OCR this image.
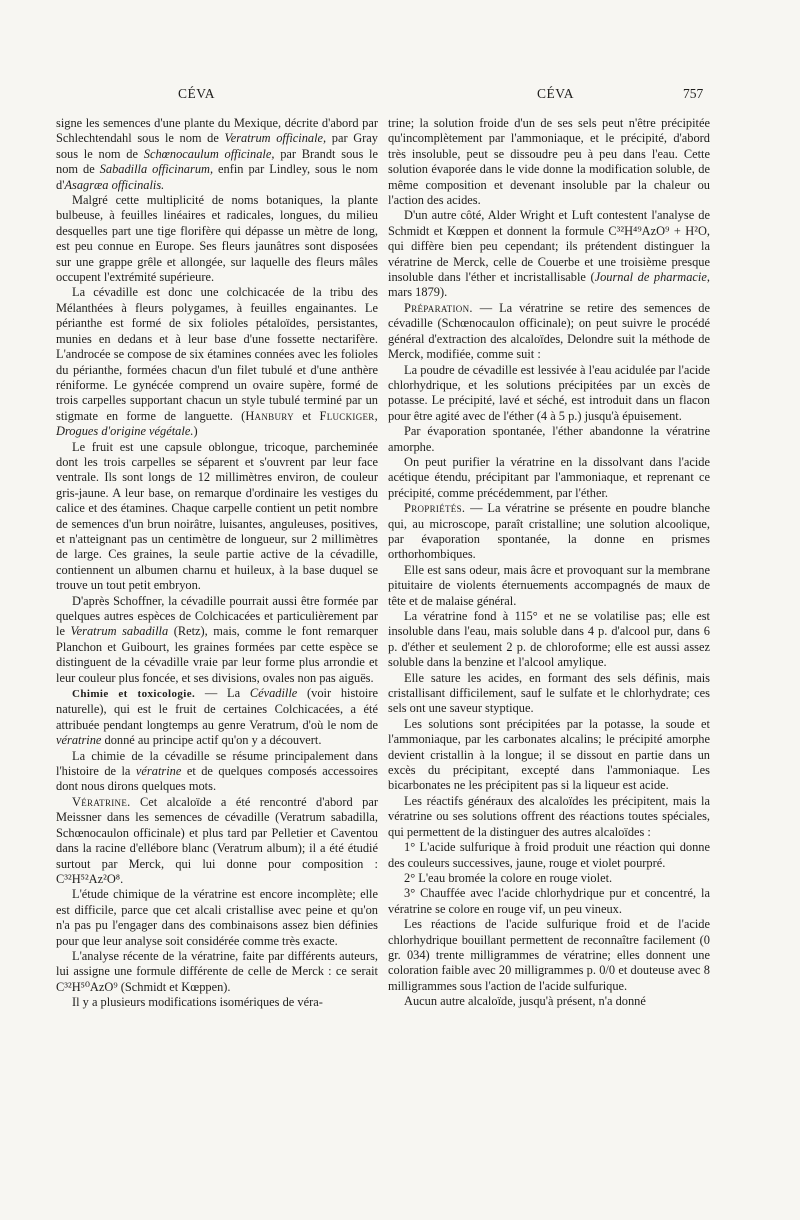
CÉVA	CÉVA	757

signe les semences d'une plante du Mexique, décrite d'abord par Schlechtendahl sous le nom de Veratrum officinale, par Gray sous le nom de Schœnocaulum officinale, par Brandt sous le nom de Sabadilla officinarum, enfin par Lindley, sous le nom d'Asagræa officinalis.

Malgré cette multiplicité de noms botaniques, la plante bulbeuse, à feuilles linéaires et radicales, longues, du milieu desquelles part une tige florifère qui dépasse un mètre de long, est peu connue en Europe. Ses fleurs jaunâtres sont disposées sur une grappe grêle et allongée, sur laquelle des fleurs mâles occupent l'extrémité supérieure.

La cévadille est donc une colchicacée de la tribu des Mélanthées à fleurs polygames, à feuilles engainantes. Le périanthe est formé de six folioles pétaloïdes, persistantes, munies en dedans et à leur base d'une fossette nectarifère. L'androcée se compose de six étamines connées avec les folioles du périanthe, formées chacun d'un filet tubulé et d'une anthère réniforme. Le gynécée comprend un ovaire supère, formé de trois carpelles supportant chacun un style tubulé terminé par un stigmate en forme de languette. (Hanbury et Fluckiger, Drogues d'origine végétale.)

Le fruit est une capsule oblongue, tricoque, parcheminée dont les trois carpelles se séparent et s'ouvrent par leur face ventrale. Ils sont longs de 12 millimètres environ, de couleur gris-jaune. A leur base, on remarque d'ordinaire les vestiges du calice et des étamines. Chaque carpelle contient un petit nombre de semences d'un brun noirâtre, luisantes, anguleuses, positives, et n'atteignant pas un centimètre de longueur, sur 2 millimètres de large. Ces graines, la seule partie active de la cévadille, contiennent un albumen charnu et huileux, à la base duquel se trouve un tout petit embryon.

D'après Schoffner, la cévadille pourrait aussi être formée par quelques autres espèces de Colchicacées et particulièrement par le Veratrum sabadilla (Retz), mais, comme le font remarquer Planchon et Guibourt, les graines formées par cette espèce se distinguent de la cévadille vraie par leur forme plus arrondie et leur couleur plus foncée, et ses divisions, ovales non pas aiguës.

Chimie et toxicologie. — La Cévadille (voir histoire naturelle), qui est le fruit de certaines Colchicacées, a été attribuée pendant longtemps au genre Veratrum, d'où le nom de vératrine donné au principe actif qu'on y a découvert.

La chimie de la cévadille se résume principalement dans l'histoire de la vératrine et de quelques composés accessoires dont nous dirons quelques mots.

Vératrine. Cet alcaloïde a été rencontré d'abord par Meissner dans les semences de cévadille (Veratrum sabadilla, Schœnocaulon officinale) et plus tard par Pelletier et Caventou dans la racine d'ellébore blanc (Veratrum album); il a été étudié surtout par Merck, qui lui donne pour composition : C³²H⁵²Az²O⁸.

L'étude chimique de la vératrine est encore incomplète; elle est difficile, parce que cet alcali cristallise avec peine et qu'on n'a pas pu l'engager dans des combinaisons assez bien définies pour que leur analyse soit considérée comme très exacte.

L'analyse récente de la vératrine, faite par différents auteurs, lui assigne une formule différente de celle de Merck : ce serait C³²H⁵⁰AzO⁹ (Schmidt et Kœppen).

Il y a plusieurs modifications isomériques de véra-

trine; la solution froide d'un de ses sels peut n'être précipitée qu'incomplètement par l'ammoniaque, et le précipité, d'abord très insoluble, peut se dissoudre peu à peu dans l'eau. Cette solution évaporée dans le vide donne la modification soluble, de même composition et devenant insoluble par la chaleur ou l'action des acides.

D'un autre côté, Alder Wright et Luft contestent l'analyse de Schmidt et Kœppen et donnent la formule C³²H⁴⁹AzO⁹ + H²O, qui diffère bien peu cependant; ils prétendent distinguer la vératrine de Merck, celle de Couerbe et une troisième presque insoluble dans l'éther et incristallisable (Journal de pharmacie, mars 1879).

Préparation. — La vératrine se retire des semences de cévadille (Schœnocaulon officinale); on peut suivre le procédé général d'extraction des alcaloïdes, Delondre suit la méthode de Merck, modifiée, comme suit :

La poudre de cévadille est lessivée à l'eau acidulée par l'acide chlorhydrique, et les solutions précipitées par un excès de potasse. Le précipité, lavé et séché, est introduit dans un flacon pour être agité avec de l'éther (4 à 5 p.) jusqu'à épuisement.

Par évaporation spontanée, l'éther abandonne la vératrine amorphe.

On peut purifier la vératrine en la dissolvant dans l'acide acétique étendu, précipitant par l'ammoniaque, et reprenant ce précipité, comme précédemment, par l'éther.

Propriétés. — La vératrine se présente en poudre blanche qui, au microscope, paraît cristalline; une solution alcoolique, par évaporation spontanée, la donne en prismes orthorhombiques.

Elle est sans odeur, mais âcre et provoquant sur la membrane pituitaire de violents éternuements accompagnés de maux de tête et de malaise général.

La vératrine fond à 115° et ne se volatilise pas; elle est insoluble dans l'eau, mais soluble dans 4 p. d'alcool pur, dans 6 p. d'éther et seulement 2 p. de chloroforme; elle est aussi assez soluble dans la benzine et l'alcool amylique.

Elle sature les acides, en formant des sels définis, mais cristallisant difficilement, sauf le sulfate et le chlorhydrate; ces sels ont une saveur styptique.

Les solutions sont précipitées par la potasse, la soude et l'ammoniaque, par les carbonates alcalins; le précipité amorphe devient cristallin à la longue; il se dissout en partie dans un excès du précipitant, excepté dans l'ammoniaque. Les bicarbonates ne les précipitent pas si la liqueur est acide.

Les réactifs généraux des alcaloïdes les précipitent, mais la vératrine ou ses solutions offrent des réactions toutes spéciales, qui permettent de la distinguer des autres alcaloïdes :

1° L'acide sulfurique à froid produit une réaction qui donne des couleurs successives, jaune, rouge et violet pourpré.

2° L'eau bromée la colore en rouge violet.

3° Chauffée avec l'acide chlorhydrique pur et concentré, la vératrine se colore en rouge vif, un peu vineux.

Les réactions de l'acide sulfurique froid et de l'acide chlorhydrique bouillant permettent de reconnaître facilement (0 gr. 034) trente milligrammes de vératrine; elles donnent une coloration faible avec 20 milligrammes p. 0/0 et douteuse avec 8 milligrammes sous l'action de l'acide sulfurique.

Aucun autre alcaloïde, jusqu'à présent, n'a donné
